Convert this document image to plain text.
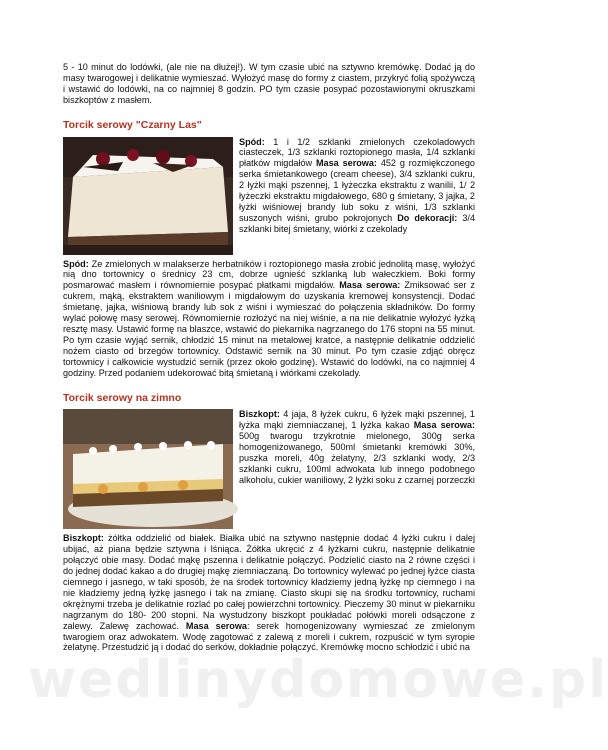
5 - 10 minut do lodówki, (ale nie na dłużej!). W tym czasie ubić na sztywno kremówkę. Dodać ją do masy twarogowej i delikatnie wymieszać. Wyłożyć masę do formy z ciastem, przykryć folią spożywczą i wstawić do lodówki, na co najmniej 8 godzin. PO tym czasie posypać pozostawionymi okruszkami biszkoptów z masłem.

Torcik serowy "Czarny Las"
Spód: 1 i 1/2 szklanki zmielonych czekoladowych ciasteczek, 1/3 szklanki roztopionego masła, 1/4 szklanki płatków migdałów Masa serowa: 452 g rozmiękczonego serka śmietankowego (cream cheese), 3/4 szklanki cukru, 2 łyżki mąki pszennej, 1 łyżeczka ekstraktu z wanilii, 1/ 2 łyżeczki ekstraktu migdałowego, 680 g śmietany, 3 jajka, 2 łyżki wiśniowej brandy lub soku z wiśni, 1/3 szklanki suszonych wiśni, grubo pokrojonych Do dekoracji: 3/4 szklanki bitej śmietany, wiórki z czekolady

Spód: Ze zmielonych w malakserze herbatników i roztopionego masła zrobić jednolitą masę, wyłożyć nią dno tortownicy o średnicy 23 cm, dobrze ugnieść szklanką lub wałeczkiem. Boki formy posmarować masłem i równomiernie posypać płatkami migdałów. Masa serowa: Zmiksować ser z cukrem, mąką, ekstraktem waniliowym i migdałowym do uzyskania kremowej konsystencji. Dodać śmietanę, jajka, wiśniową brandy lub sok z wiśni i wymieszać do połączenia składników. Do formy wylać połowę masy serowej. Równomiernie rozłożyć na niej wiśnie, a na nie delikatnie wyłożyć łyżką resztę masy. Ustawić formę na blaszce, wstawić do piekarnika nagrzanego do 176 stopni na 55 minut. Po tym czasie wyjąć sernik, chłodzić 15 minut na metalowej kratce, a następnie delikatnie oddzielić nożem ciasto od brzegów tortownicy. Odstawić sernik na 30 minut. Po tym czasie zdjąć obręcz tortownicy i całkowicie wystudzić sernik (przez około godzinę). Wstawić do lodówki, na co najmniej 4 godziny. Przed podaniem udekorować bitą śmietaną i wiórkami czekolady.

Torcik serowy na zimno
Biszkopt: 4 jaja, 8 łyżek cukru, 6 łyżek mąki pszennej, 1 łyżka mąki ziemniaczanej, 1 łyżka kakao Masa serowa: 500g twarogu trzykrotnie mielonego, 300g serka homogenizowanego, 500ml śmietanki kremówki 30%, puszka moreli, 40g żelatyny, 2/3 szklanki wody, 2/3 szklanki cukru, 100ml adwokata lub innego podobnego alkoholu, cukier waniliowy, 2 łyżki soku z czarnej porzeczki

Biszkopt: żółtka oddzielić od białek. Białka ubić na sztywno następnie dodać 4 łyżki cukru i dalej ubijać, aż piana będzie sztywna i lśniąca. Żółtka ukręcić z 4 łyżkami cukru, następnie delikatnie połączyć obie masy. Dodać mąkę pszenna i delikatnie połączyć. Podzielić ciasto na 2 równe części i do jednej dodać kakao a do drugiej mąkę ziemniaczaną. Do tortownicy wylewać po jednej łyżce ciasta ciemnego i jasnego, w taki sposób, że na środek tortownicy kładziemy jedną łyżkę np ciemnego i na nie kładziemy jedną łyżkę jasnego i tak na zmianę. Ciasto skupi się na środku tortownicy, ruchami okrężnymi trzeba je delikatnie rozlać po całej powierzchni tortownicy. Pieczemy 30 minut w piekarniku nagrzanym do 180- 200 stopni. Na wystudzony biszkopt poukładać połówki moreli odsączone z zalewy. Zalewę zachować. Masa serowa: serek homogenizowany wymieszać ze zmielonym twarogiem oraz adwokatem. Wodę zagotować z zalewą z moreli i cukrem, rozpuścić w tym syropie żelatynę. Przestudzić ją i dodać do serków, dokładnie połączyć. Kremówkę mocno schłodzić i ubić na

wedlinydomowe.pl
